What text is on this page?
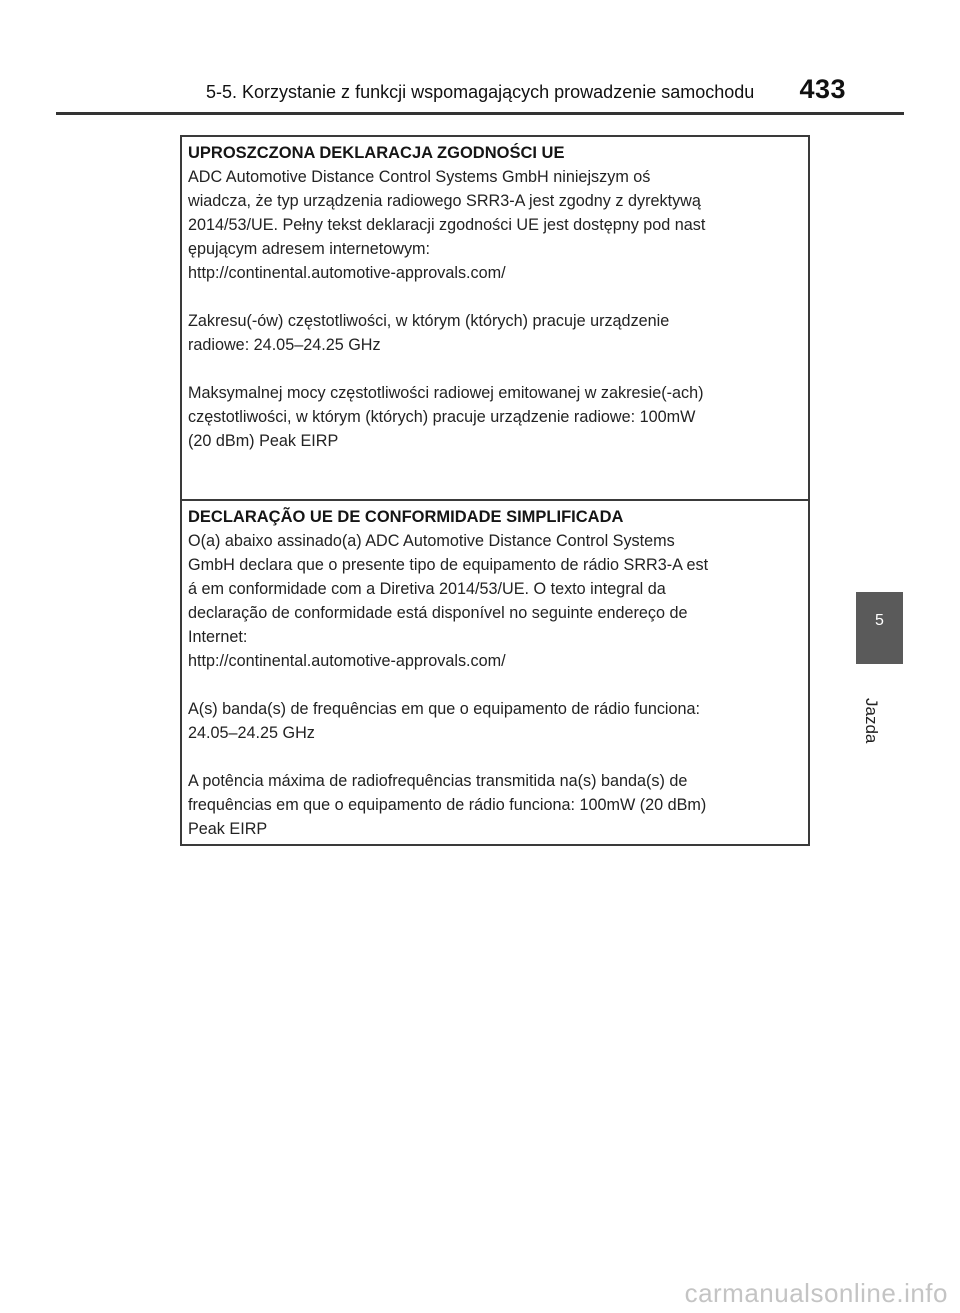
5-5. Korzystanie z funkcji wspomagających prowadzenie samochodu 433
UPROSZCZONA DEKLARACJA ZGODNOŚCI UE

ADC Automotive Distance Control Systems GmbH niniejszym oś

wiadcza, że typ urządzenia radiowego SRR3-A jest zgodny z dyrektywą

2014/53/UE. Pełny tekst deklaracji zgodności UE jest dostępny pod nast

ępującym adresem internetowym:

http://continental.automotive-approvals.com/

Zakresu(-ów) częstotliwości, w którym (których) pracuje urządzenie

radiowe: 24.05–24.25 GHz

Maksymalnej mocy częstotliwości radiowej emitowanej w zakresie(-ach)

częstotliwości, w którym (których) pracuje urządzenie radiowe: 100mW

(20 dBm) Peak EIRP

DECLARAÇÃO UE DE CONFORMIDADE SIMPLIFICADA

O(a) abaixo assinado(a) ADC Automotive Distance Control Systems

GmbH declara que o presente tipo de equipamento de rádio SRR3-A est

á em conformidade com a Diretiva 2014/53/UE. O texto integral da

declaração de conformidade está disponível no seguinte endereço de

Internet:

http://continental.automotive-approvals.com/

A(s) banda(s) de frequências em que o equipamento de rádio funciona:

24.05–24.25 GHz

A potência máxima de radiofrequências transmitida na(s) banda(s) de

frequências em que o equipamento de rádio funciona: 100mW (20 dBm)

Peak EIRP

5
Jazda
carmanualsonline.info
